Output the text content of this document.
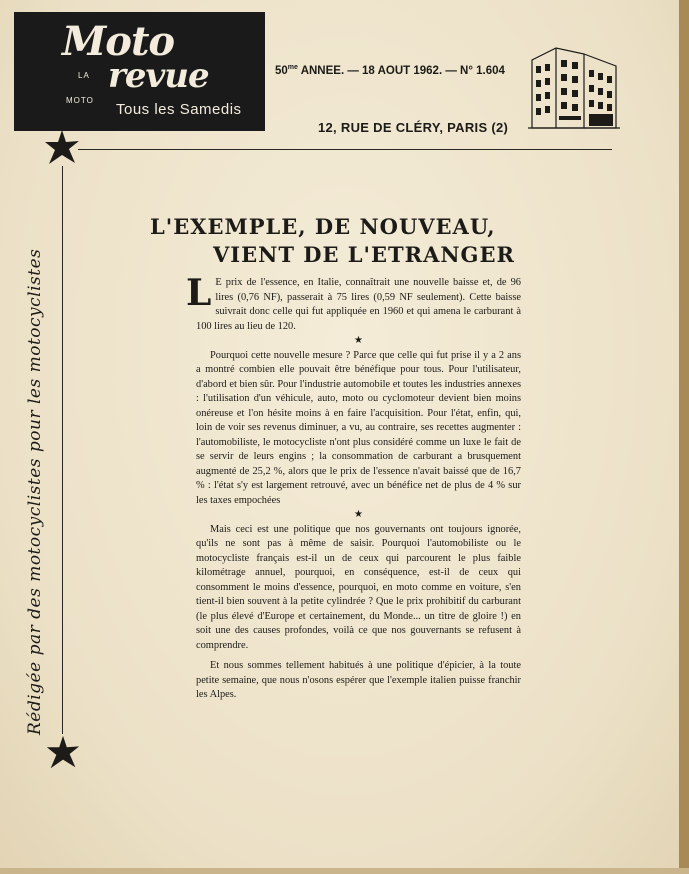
Moto
LA revue
MOTO
Tous les Samedis
$50^{me}$ ANNEE. — 18 AOUT 1962. — N° 1.604
12, RUE DE CLÉRY, PARIS (2)
Rédigée par des motocyclistes pour les motocyclistes
L'EXEMPLE, DE NOUVEAU,
VIENT DE L'ETRANGER

L E prix de l'essence, en Italie, connaîtrait une nouvelle baisse et, de 96 lires (0,76 NF), passerait à 75 lires (0,59 NF seulement). Cette baisse suivrait donc celle qui fut appliquée en 1960 et qui amena le carburant à 100 lires au lieu de 120.

★

Pourquoi cette nouvelle mesure ? Parce que celle qui fut prise il y a 2 ans a montré combien elle pouvait être bénéfique pour tous. Pour l'utilisateur, d'abord et bien sûr. Pour l'industrie automobile et toutes les industries annexes : l'utilisation d'un véhicule, auto, moto ou cyclomoteur devient bien moins onéreuse et l'on hésite moins à en faire l'acquisition. Pour l'état, enfin, qui, loin de voir ses revenus diminuer, a vu, au contraire, ses recettes augmenter : l'automobiliste, le motocycliste n'ont plus considéré comme un luxe le fait de se servir de leurs engins ; la consommation de carburant a brusquement augmenté de 25,2 %, alors que le prix de l'essence n'avait baissé que de 16,7 % : l'état s'y est largement retrouvé, avec un bénéfice net de plus de 4 % sur les taxes empochées

★

Mais ceci est une politique que nos gouvernants ont toujours ignorée, qu'ils ne sont pas à même de saisir. Pourquoi l'automobiliste ou le motocycliste français est-il un de ceux qui parcourent le plus faible kilométrage annuel, pourquoi, en conséquence, est-il de ceux qui consomment le moins d'essence, pourquoi, en moto comme en voiture, s'en tient-il bien souvent à la petite cylindrée ? Que le prix prohibitif du carburant (le plus élevé d'Europe et certainement, du Monde... un titre de gloire !) en soit une des causes profondes, voilà ce que nos gouvernants se refusent à comprendre.

Et nous sommes tellement habitués à une politique d'épicier, à la toute petite semaine, que nous n'osons espérer que l'exemple italien puisse franchir les Alpes.
